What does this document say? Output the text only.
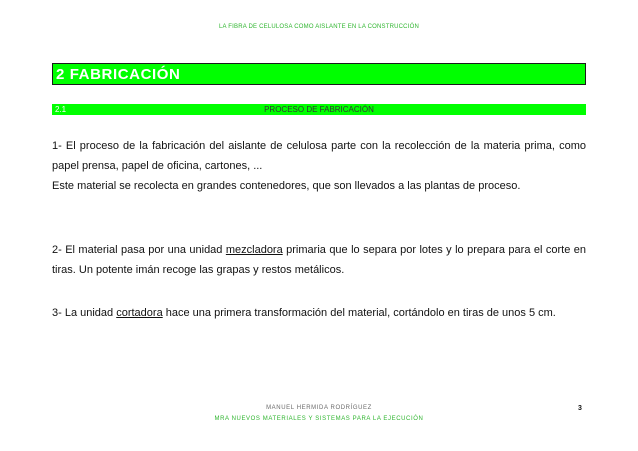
LA FIBRA DE CELULOSA COMO AISLANTE EN LA CONSTRUCCIÓN
2 FABRICACIÓN
2.1	PROCESO DE FABRICACIÓN

1- El proceso de la fabricación del aislante de celulosa parte con la recolección de la materia prima, como papel prensa, papel de oficina, cartones, ...

Este material se recolecta en grandes contenedores, que son llevados a las plantas de proceso.

2- El material pasa por una unidad mezcladora primaria que lo separa por lotes y lo prepara para el corte en tiras. Un potente imán recoge las grapas y restos metálicos.

3- La unidad cortadora hace una primera transformación del material, cortándolo en tiras de unos 5 cm.

MANUEL HERMIDA RODRÍGUEZ
MRA NUEVOS MATERIALES Y SISTEMAS PARA LA EJECUCIÓN
3
